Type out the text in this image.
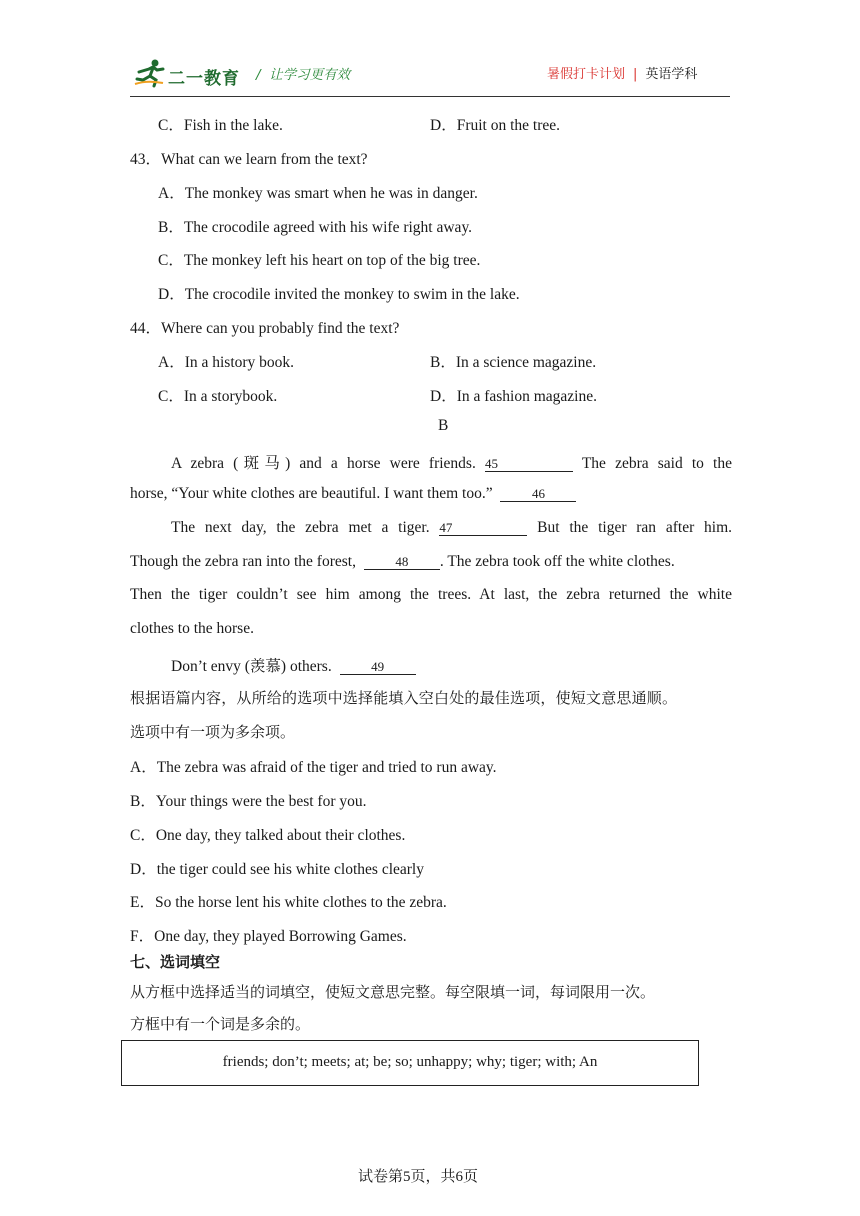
二一教育 /  让学习更有效	暑假打卡计划 | 英语学科
C．Fish in the lake.	D．Fruit on the tree.
43．What can we learn from the text?
A．The monkey was smart when he was in danger.
B．The crocodile agreed with his wife right away.
C．The monkey left his heart on top of the big tree.
D．The crocodile invited the monkey to swim in the lake.
44．Where can you probably find the text?
A．In a history book.	B．In a science magazine.
C．In a storybook.	D．In a fashion magazine.
B
A zebra (斑马) and a horse were friends. 45	The zebra said to the
horse, “Your white clothes are beautiful. I want them too.”	46
The next day, the zebra met a tiger. 47	But the tiger ran after him.
Though the zebra ran into the forest,	48 . The zebra took off the white clothes.
Then the tiger couldn’t see him among the trees. At last, the zebra returned the white
clothes to the horse.
Don’t envy (羡慕) others.	49
根据语篇内容，从所给的选项中选择能填入空白处的最佳选项，使短文意思通顺。
选项中有一项为多余项。
A．The zebra was afraid of the tiger and tried to run away.
B．Your things were the best for you.
C．One day, they talked about their clothes.
D．the tiger could see his white clothes clearly
E．So the horse lent his white clothes to the zebra.
F．One day, they played Borrowing Games.
七、选词填空
从方框中选择适当的词填空，使短文意思完整。每空限填一词，每词限用一次。
方框中有一个词是多余的。
friends; don’t; meets; at; be; so; unhappy; why; tiger; with; An
试卷第5页，共6页
